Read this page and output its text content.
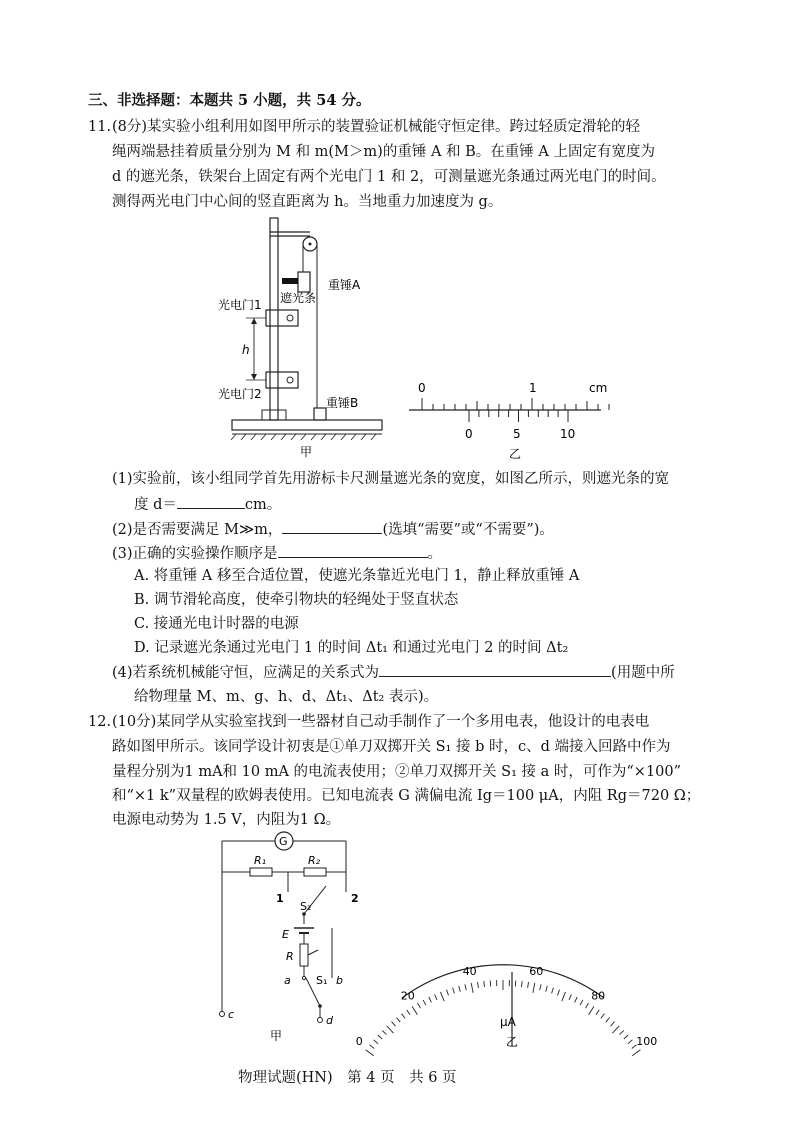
三、非选择题：本题共 5 小题，共 54 分。
11. (8分)某实验小组利用如图甲所示的装置验证机械能守恒定律。跨过轻质定滑轮的轻
绳两端悬挂着质量分别为 M 和 m(M＞m)的重锤 A 和 B。在重锤 A 上固定有宽度为
d 的遮光条，铁架台上固定有两个光电门 1 和 2，可测量遮光条通过两光电门的时间。
测得两光电门中心间的竖直距离为 h。当地重力加速度为 g。
重锤A
遮光条
光电门1
h
光电门2
重锤B
甲
0	1	cm
0	5	10
乙
(1)实验前，该小组同学首先用游标卡尺测量遮光条的宽度，如图乙所示，则遮光条的宽
度 d＝	cm。
(2)是否需要满足 M≫m，	(选填“需要”或“不需要”)。
(3)正确的实验操作顺序是	。
A. 将重锤 A 移至合适位置，使遮光条靠近光电门 1，静止释放重锤 A
B. 调节滑轮高度，使牵引物块的轻绳处于竖直状态
C. 接通光电计时器的电源
D. 记录遮光条通过光电门 1 的时间 Δt₁ 和通过光电门 2 的时间 Δt₂
(4)若系统机械能守恒，应满足的关系式为	(用题中所
给物理量 M、m、g、h、d、Δt₁、Δt₂ 表示)。
12. (10分)某同学从实验室找到一些器材自己动手制作了一个多用电表，他设计的电表电
路如图甲所示。该同学设计初衷是①单刀双掷开关 S₁ 接 b 时，c、d 端接入回路中作为
量程分别为1 mA和 10 mA 的电流表使用；②单刀双掷开关 S₁ 接 a 时，可作为“×100”
和“×1 k”双量程的欧姆表使用。已知电流表 G 满偏电流 Ig＝100 μA，内阻 Rg＝720 Ω；
电源电动势为 1.5 V，内阻为1 Ω。
G
R₁	R₂
1	2
S₂
E
R
a S₁ b
c	d
甲	0
20
40	60
80
100
μA
乙
物理试题(HN)　第 4 页　共 6 页
